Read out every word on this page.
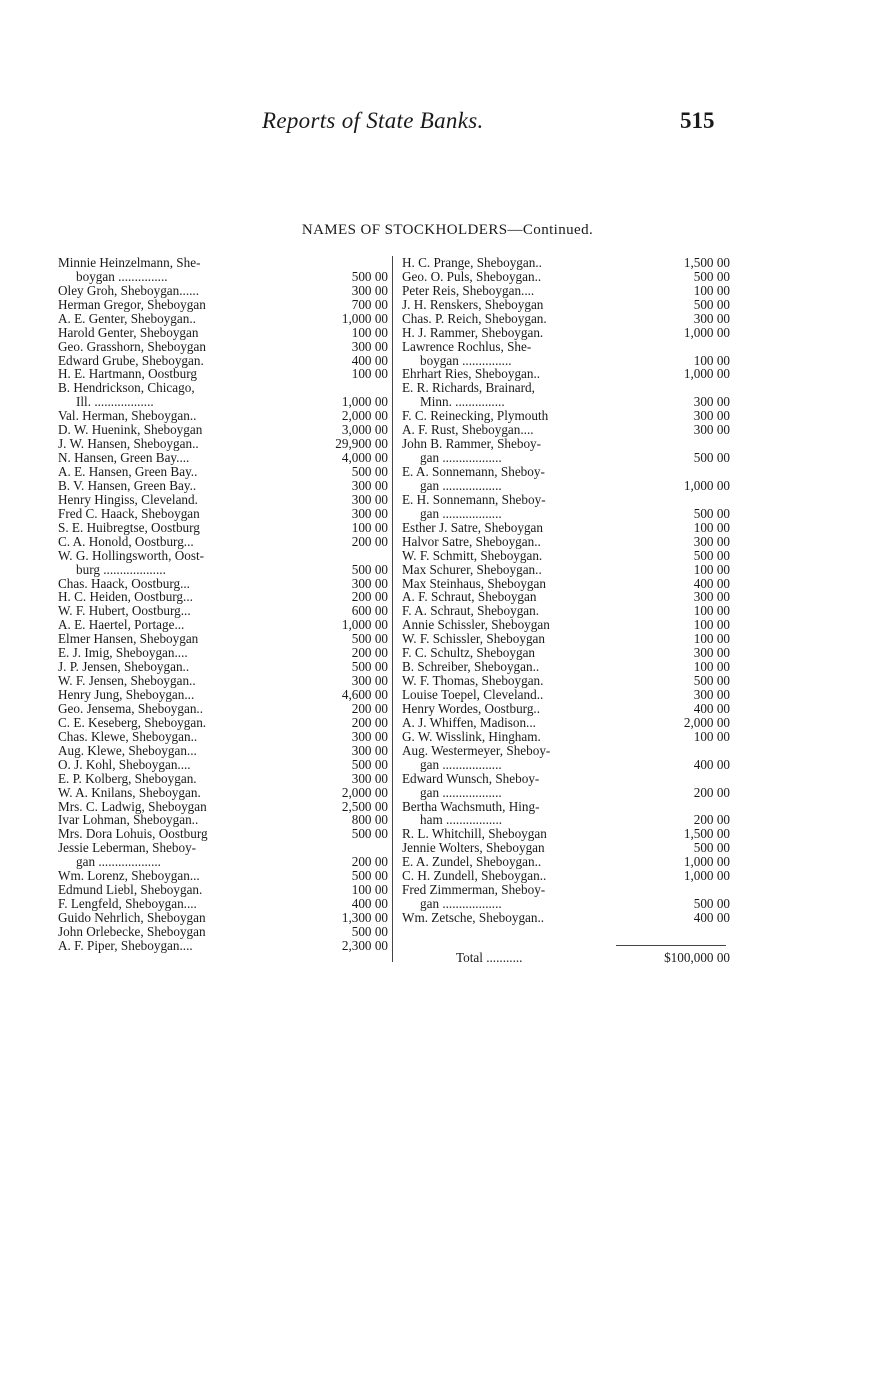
Reports of State Banks.	515
NAMES OF STOCKHOLDERS—Continued.
Minnie Heinzelmann, She-
boygan ...............	500 00
Oley Groh, Sheboygan......	300 00
Herman Gregor, Sheboygan	700 00
A. E. Genter, Sheboygan..	1,000 00
Harold Genter, Sheboygan	100 00
Geo. Grasshorn, Sheboygan	300 00
Edward Grube, Sheboygan.	400 00
H. E. Hartmann, Oostburg	100 00
B. Hendrickson, Chicago,
Ill. ..................	1,000 00
Val. Herman, Sheboygan..	2,000 00
D. W. Huenink, Sheboygan	3,000 00
J. W. Hansen, Sheboygan..	29,900 00
N. Hansen, Green Bay....	4,000 00
A. E. Hansen, Green Bay..	500 00
B. V. Hansen, Green Bay..	300 00
Henry Hingiss, Cleveland.	300 00
Fred C. Haack, Sheboygan	300 00
S. E. Huibregtse, Oostburg	100 00
C. A. Honold, Oostburg...	200 00
W. G. Hollingsworth, Oost-
burg ...................	500 00
Chas. Haack, Oostburg...	300 00
H. C. Heiden, Oostburg...	200 00
W. F. Hubert, Oostburg...	600 00
A. E. Haertel, Portage...	1,000 00
Elmer Hansen, Sheboygan	500 00
E. J. Imig, Sheboygan....	200 00
J. P. Jensen, Sheboygan..	500 00
W. F. Jensen, Sheboygan..	300 00
Henry Jung, Sheboygan...	4,600 00
Geo. Jensema, Sheboygan..	200 00
C. E. Keseberg, Sheboygan.	200 00
Chas. Klewe, Sheboygan..	300 00
Aug. Klewe, Sheboygan...	300 00
O. J. Kohl, Sheboygan....	500 00
E. P. Kolberg, Sheboygan.	300 00
W. A. Knilans, Sheboygan.	2,000 00
Mrs. C. Ladwig, Sheboygan	2,500 00
Ivar Lohman, Sheboygan..	800 00
Mrs. Dora Lohuis, Oostburg	500 00
Jessie Leberman, Sheboy-
gan ...................	200 00
Wm. Lorenz, Sheboygan...	500 00
Edmund Liebl, Sheboygan.	100 00
F. Lengfeld, Sheboygan....	400 00
Guido Nehrlich, Sheboygan	1,300 00
John Orlebecke, Sheboygan	500 00
A. F. Piper, Sheboygan....	2,300 00
H. C. Prange, Sheboygan..	1,500 00
Geo. O. Puls, Sheboygan..	500 00
Peter Reis, Sheboygan....	100 00
J. H. Renskers, Sheboygan	500 00
Chas. P. Reich, Sheboygan.	300 00
H. J. Rammer, Sheboygan.	1,000 00
Lawrence Rochlus, She-
boygan ...............	100 00
Ehrhart Ries, Sheboygan..	1,000 00
E. R. Richards, Brainard,
Minn. ...............	300 00
F. C. Reinecking, Plymouth	300 00
A. F. Rust, Sheboygan....	300 00
John B. Rammer, Sheboy-
gan ..................	500 00
E. A. Sonnemann, Sheboy-
gan ..................	1,000 00
E. H. Sonnemann, Sheboy-
gan ..................	500 00
Esther J. Satre, Sheboygan	100 00
Halvor Satre, Sheboygan..	300 00
W. F. Schmitt, Sheboygan.	500 00
Max Schurer, Sheboygan..	100 00
Max Steinhaus, Sheboygan	400 00
A. F. Schraut, Sheboygan	300 00
F. A. Schraut, Sheboygan.	100 00
Annie Schissler, Sheboygan	100 00
W. F. Schissler, Sheboygan	100 00
F. C. Schultz, Sheboygan	300 00
B. Schreiber, Sheboygan..	100 00
W. F. Thomas, Sheboygan.	500 00
Louise Toepel, Cleveland..	300 00
Henry Wordes, Oostburg..	400 00
A. J. Whiffen, Madison...	2,000 00
G. W. Wisslink, Hingham.	100 00
Aug. Westermeyer, Sheboy-
gan ..................	400 00
Edward Wunsch, Sheboy-
gan ..................	200 00
Bertha Wachsmuth, Hing-
ham .................	200 00
R. L. Whitchill, Sheboygan	1,500 00
Jennie Wolters, Sheboygan	500 00
E. A. Zundel, Sheboygan..	1,000 00
C. H. Zundell, Sheboygan..	1,000 00
Fred Zimmerman, Sheboy-
gan ..................	500 00
Wm. Zetsche, Sheboygan..	400 00
Total ...........	$100,000 00
